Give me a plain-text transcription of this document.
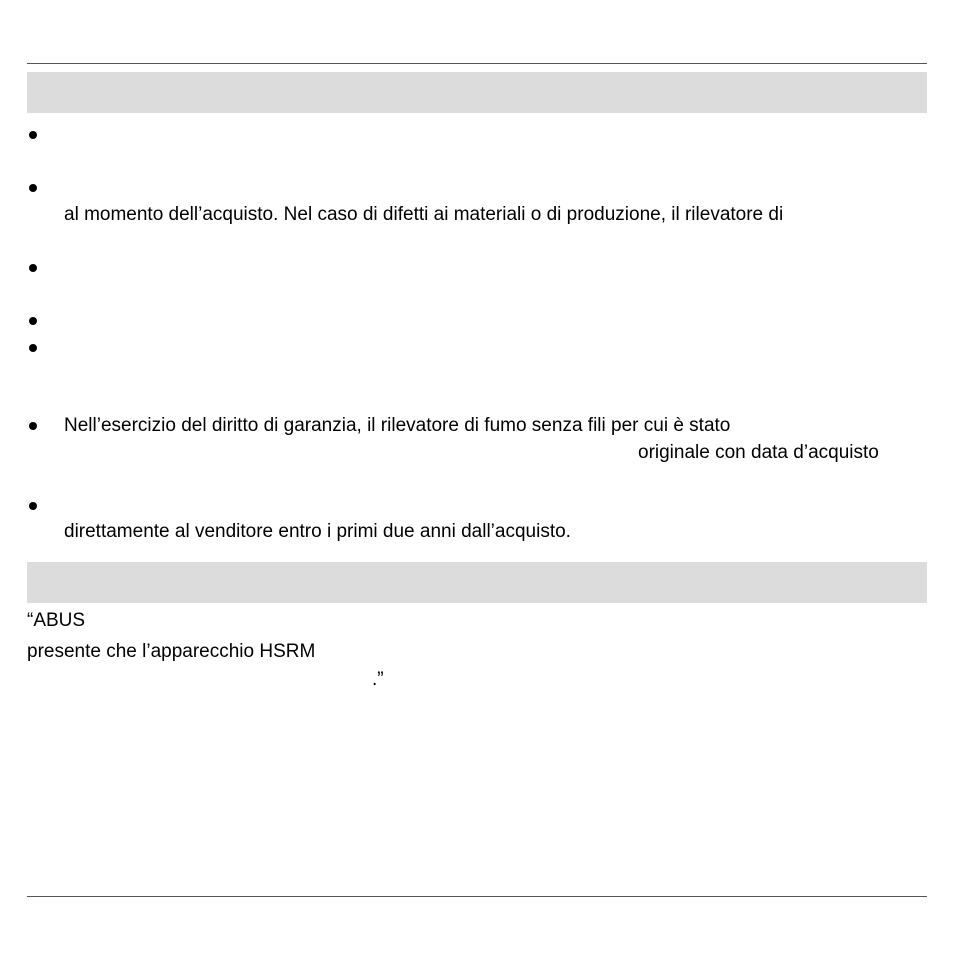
al momento dell’acquisto. Nel caso di difetti ai materiali o di produzione, il rilevatore di
Nell’esercizio del diritto di garanzia, il rilevatore di fumo senza fili per cui è stato
originale con data d’acquisto
direttamente al venditore entro i primi due anni dall’acquisto.
“ABUS
presente che l’apparecchio HSRM
.”
